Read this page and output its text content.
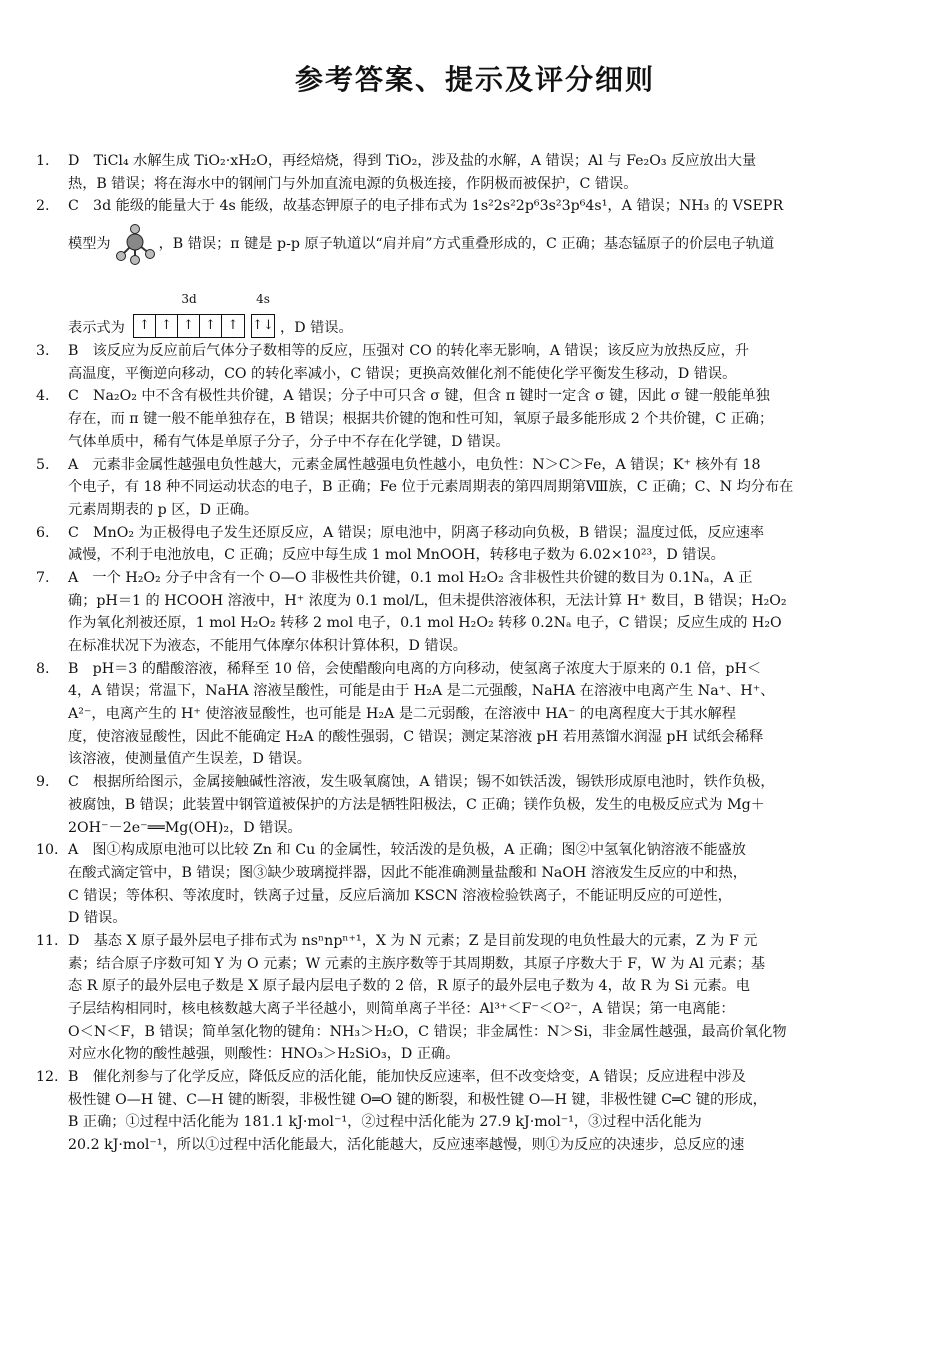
参考答案、提示及评分细则
1.	D　TiCl₄ 水解生成 TiO₂·xH₂O，再经焙烧，得到 TiO₂，涉及盐的水解，A 错误；Al 与 Fe₂O₃ 反应放出大量
热，B 错误；将在海水中的钢闸门与外加直流电源的负极连接，作阴极而被保护，C 错误。
2.	C　3d 能级的能量大于 4s 能级，故基态钾原子的电子排布式为 1s²2s²2p⁶3s²3p⁶4s¹，A 错误；NH₃ 的 VSEPR
模型为	，B 错误；π 键是 p-p 原子轨道以“肩并肩”方式重叠形成的，C 正确；基态锰原子的价层电子轨道
表示式为
3d
↑ ↑ ↑ ↑ ↑
4s
↑↓ ，D 错误。
3.	B　该反应为反应前后气体分子数相等的反应，压强对 CO 的转化率无影响，A 错误；该反应为放热反应，升
高温度，平衡逆向移动，CO 的转化率减小，C 错误；更换高效催化剂不能使化学平衡发生移动，D 错误。
4.	C　Na₂O₂ 中不含有极性共价键，A 错误；分子中可只含 σ 键，但含 π 键时一定含 σ 键，因此 σ 键一般能单独
存在，而 π 键一般不能单独存在，B 错误；根据共价键的饱和性可知，氧原子最多能形成 2 个共价键，C 正确；
气体单质中，稀有气体是单原子分子，分子中不存在化学键，D 错误。
5.	A　元素非金属性越强电负性越大，元素金属性越强电负性越小，电负性：N＞C＞Fe，A 错误；K⁺ 核外有 18
个电子，有 18 种不同运动状态的电子，B 正确；Fe 位于元素周期表的第四周期第Ⅷ族，C 正确；C、N 均分布在
元素周期表的 p 区，D 正确。
6.	C　MnO₂ 为正极得电子发生还原反应，A 错误；原电池中，阴离子移动向负极，B 错误；温度过低，反应速率
减慢，不利于电池放电，C 正确；反应中每生成 1 mol MnOOH，转移电子数为 6.02×10²³，D 错误。
7.	A　一个 H₂O₂ 分子中含有一个 O—O 非极性共价键，0.1 mol H₂O₂ 含非极性共价键的数目为 0.1Nₐ，A 正
确；pH＝1 的 HCOOH 溶液中，H⁺ 浓度为 0.1 mol/L，但未提供溶液体积，无法计算 H⁺ 数目，B 错误；H₂O₂
作为氧化剂被还原，1 mol H₂O₂ 转移 2 mol 电子，0.1 mol H₂O₂ 转移 0.2Nₐ 电子，C 错误；反应生成的 H₂O
在标准状况下为液态，不能用气体摩尔体积计算体积，D 错误。
8.	B　pH＝3 的醋酸溶液，稀释至 10 倍，会使醋酸向电离的方向移动，使氢离子浓度大于原来的 0.1 倍，pH＜
4，A 错误；常温下，NaHA 溶液呈酸性，可能是由于 H₂A 是二元强酸，NaHA 在溶液中电离产生 Na⁺、H⁺、
A²⁻，电离产生的 H⁺ 使溶液显酸性，也可能是 H₂A 是二元弱酸，在溶液中 HA⁻ 的电离程度大于其水解程
度，使溶液显酸性，因此不能确定 H₂A 的酸性强弱，C 错误；测定某溶液 pH 若用蒸馏水润湿 pH 试纸会稀释
该溶液，使测量值产生误差，D 错误。
9.	C　根据所给图示，金属接触碱性溶液，发生吸氧腐蚀，A 错误；锡不如铁活泼，锡铁形成原电池时，铁作负极，
被腐蚀，B 错误；此装置中钢管道被保护的方法是牺牲阳极法，C 正确；镁作负极，发生的电极反应式为 Mg＋
2OH⁻－2e⁻══Mg(OH)₂，D 错误。
10. A　图①构成原电池可以比较 Zn 和 Cu 的金属性，较活泼的是负极，A 正确；图②中氢氧化钠溶液不能盛放
在酸式滴定管中，B 错误；图③缺少玻璃搅拌器，因此不能准确测量盐酸和 NaOH 溶液发生反应的中和热，
C 错误；等体积、等浓度时，铁离子过量，反应后滴加 KSCN 溶液检验铁离子，不能证明反应的可逆性，
D 错误。
11. D　基态 X 原子最外层电子排布式为 nsⁿnpⁿ⁺¹，X 为 N 元素；Z 是目前发现的电负性最大的元素，Z 为 F 元
素；结合原子序数可知 Y 为 O 元素；W 元素的主族序数等于其周期数，其原子序数大于 F，W 为 Al 元素；基
态 R 原子的最外层电子数是 X 原子最内层电子数的 2 倍，R 原子的最外层电子数为 4，故 R 为 Si 元素。电
子层结构相同时，核电核数越大离子半径越小，则简单离子半径：Al³⁺＜F⁻＜O²⁻，A 错误；第一电离能：
O＜N＜F，B 错误；简单氢化物的键角：NH₃＞H₂O，C 错误；非金属性：N＞Si，非金属性越强，最高价氧化物
对应水化物的酸性越强，则酸性：HNO₃＞H₂SiO₃，D 正确。
12. B　催化剂参与了化学反应，降低反应的活化能，能加快反应速率，但不改变焓变，A 错误；反应进程中涉及
极性键 O—H 键、C—H 键的断裂，非极性键 O═O 键的断裂，和极性键 O—H 键，非极性键 C═C 键的形成，
B 正确；①过程中活化能为 181.1 kJ·mol⁻¹，②过程中活化能为 27.9 kJ·mol⁻¹，③过程中活化能为
20.2 kJ·mol⁻¹，所以①过程中活化能最大，活化能越大，反应速率越慢，则①为反应的决速步，总反应的速
